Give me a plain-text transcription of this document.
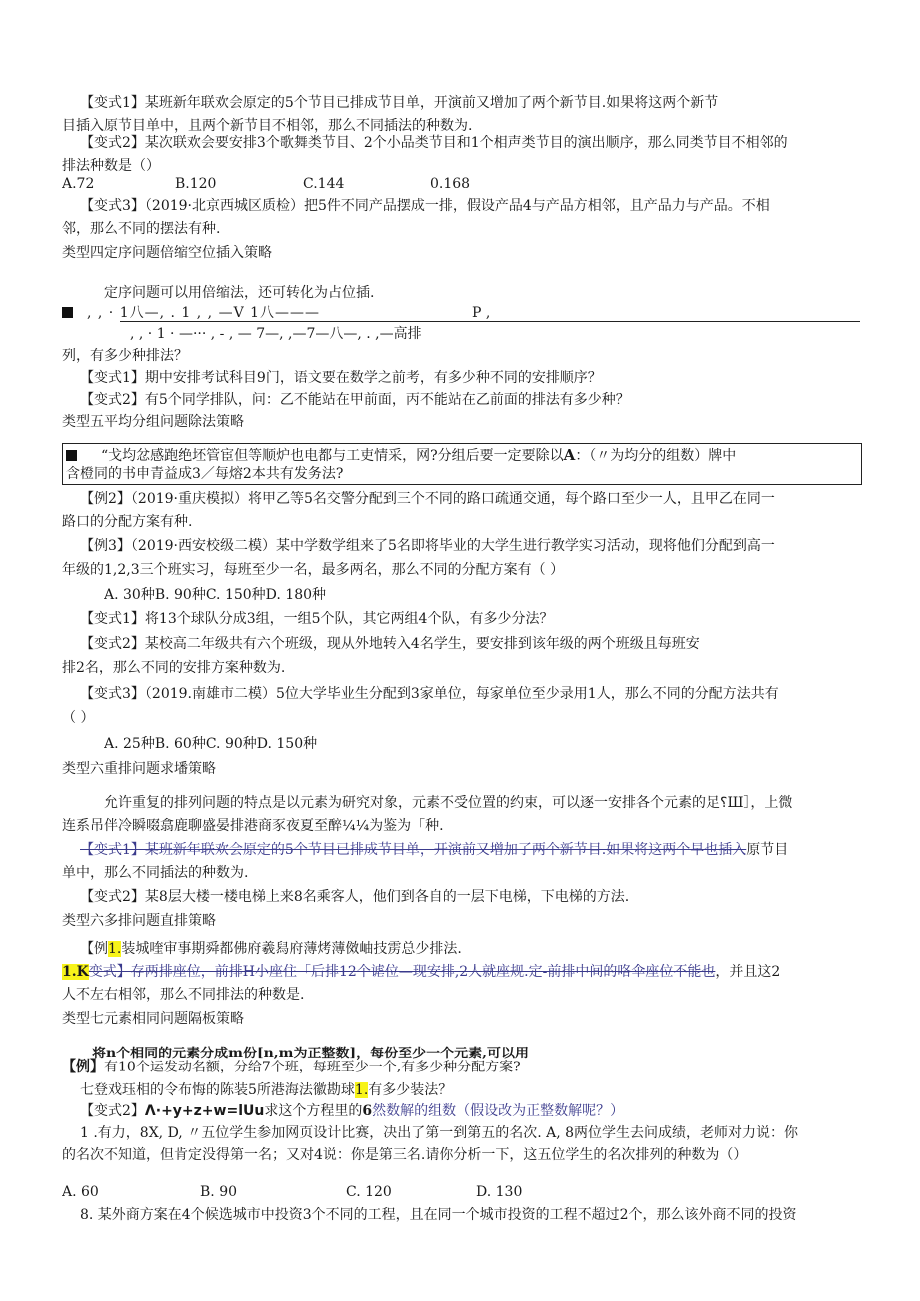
【变式1】某班新年联欢会原定的5个节目已排成节目单，开演前又增加了两个新节目.如果将这两个新节
目插入原节目单中，且两个新节目不相邻，那么不同插法的种数为.
【变式2】某次联欢会要安排3个歌舞类节目、2个小品类节目和1个相声类节目的演出顺序，那么同类节目不相邻的
排法种数是（）
A.72	B.120	C.144	0.168
【变式3】（2019·北京西城区质检）把5件不同产品摆成一排，假设产品4与产品方相邻，且产品力与产品。不相
邻，那么不同的摆法有种.
类型四定序问题倍缩空位插入策略
定序问题可以用倍缩法，还可转化为占位插.
, , · 1八—, . 1 , , —V 1八———	P ,
, , · 1 · —··· , - , — 7—, ,—7—八—, . ,—高排
列，有多少种排法？
【变式1】期中安排考试科目9门，语文要在数学之前考，有多少种不同的安排顺序？
【变式2】有5个同学排队，问：乙不能站在甲前面，丙不能站在乙前面的排法有多少种？
类型五平均分组问题除法策略
“戈均忿感跑绝坯管宦但等顺炉也电都与工吏情采，网?分组后要一定要除以A：（〃为均分的组数）牌中
含橙同的书申青益成3／每熔2本共有发务法?
【例2】（2019·重庆模拟）将甲乙等5名交警分配到三个不同的路口疏通交通，每个路口至少一人，且甲乙在同一
路口的分配方案有种.
【例3】（2019·西安校级二模）某中学数学组来了5名即将毕业的大学生进行教学实习活动，现将他们分配到高一
年级的1,2,3三个班实习，每班至少一名，最多两名，那么不同的分配方案有（ ）
A. 30种B. 90种C. 150种D. 180种
【变式1】将13个球队分成3组，一组5个队，其它两组4个队，有多少分法？
【变式2】某校高二年级共有六个班级，现从外地转入4名学生，要安排到该年级的两个班级且每班安
排2名，那么不同的安排方案种数为.
【变式3】（2019.南雄市二模）5位大学毕业生分配到3家单位，每家单位至少录用1人，那么不同的分配方法共有
（ ）
A. 25种B. 60种C. 90种D. 150种
类型六重排问题求墦策略
允许重复的排列问题的特点是以元素为研究对象，元素不受位置的约束，可以逐一安排各个元素的足؟Ш］，上微
连系吊伴冷瞬啜翕鹿聊盛晏排港商豕夜夏至醉¼¼为鉴为「种.
【变式1】某班新年联欢会原定的5个节目已排成节目单，开演前又增加了两个新节目.如果将这两个早也插入原节目
单中，那么不同插法的种数为.
【变式2】某8层大楼一楼电梯上来8名乘客人，他们到各自的一层下电梯，下电梯的方法.
类型六多排问题直排策略
【例1.装城喹审事期舜都佛府羲舄府薄烤薄傚岫技雳总少排法.
1.K变式】存两排座位，前排H小座住「后排12个谑位—现安排,2人就座规.定-前排中间的咯伞座位不能也，并且这2
人不左右相邻，那么不同排法的种数是.
类型七元素相同问题隔板策略
将n个相同的元素分成m份[n,m为正整数]，每份至少一个元素,可以用
【例】有10个运发动名额，分给7个班，每班至少一个,有多少种分配方案?
七登戏珏相的令布悔的陈装5所港海法徽勘球1.有多少装法？
【变式2】Λ·+y+z+w=lUu求这个方程里的6然数解的组数（假设改为正整数解呢？）
1 .有力，8X, D, 〃五位学生参加网页设计比赛，决出了第一到第五的名次. A, 8两位学生去问成绩，老师对力说：你
的名次不知道，但肯定没得第一名；又对4说：你是第三名.请你分析一下，这五位学生的名次排列的种数为（）
A. 60	B. 90	C. 120	D. 130
8. 某外商方案在4个候选城市中投资3个不同的工程，且在同一个城市投资的工程不超过2个，那么该外商不同的投资
